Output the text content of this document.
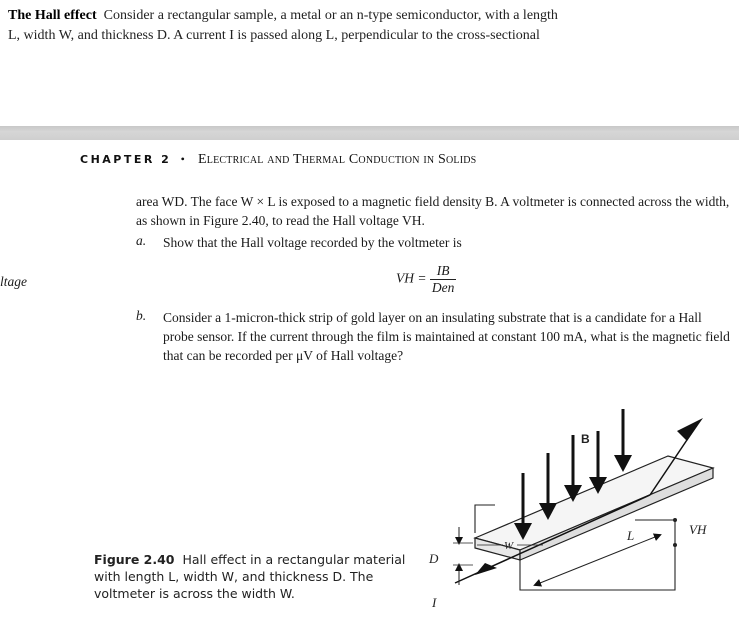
The Hall effect Consider a rectangular sample, a metal or an n-type semiconductor, with a length
L, width W, and thickness D. A current I is passed along L, perpendicular to the cross-sectional
CHAPTER 2 • Electrical and Thermal Conduction in Solids
area WD. The face W × L is exposed to a magnetic field density B. A voltmeter is connected across the width, as shown in Figure 2.40, to read the Hall voltage VH.
a. Show that the Hall voltage recorded by the voltmeter is
ltage	VH = $\frac{IB}{\text{Den}}$
b. Consider a 1-micron-thick strip of gold layer on an insulating substrate that is a candidate for a Hall probe sensor. If the current through the film is maintained at constant 100 mA, what is the magnetic field that can be recorded per μV of Hall voltage?
Figure 2.40 Hall effect in a rectangular material with length L, width W, and thickness D. The voltmeter is across the width W.
B
L
W
D
I
VH
